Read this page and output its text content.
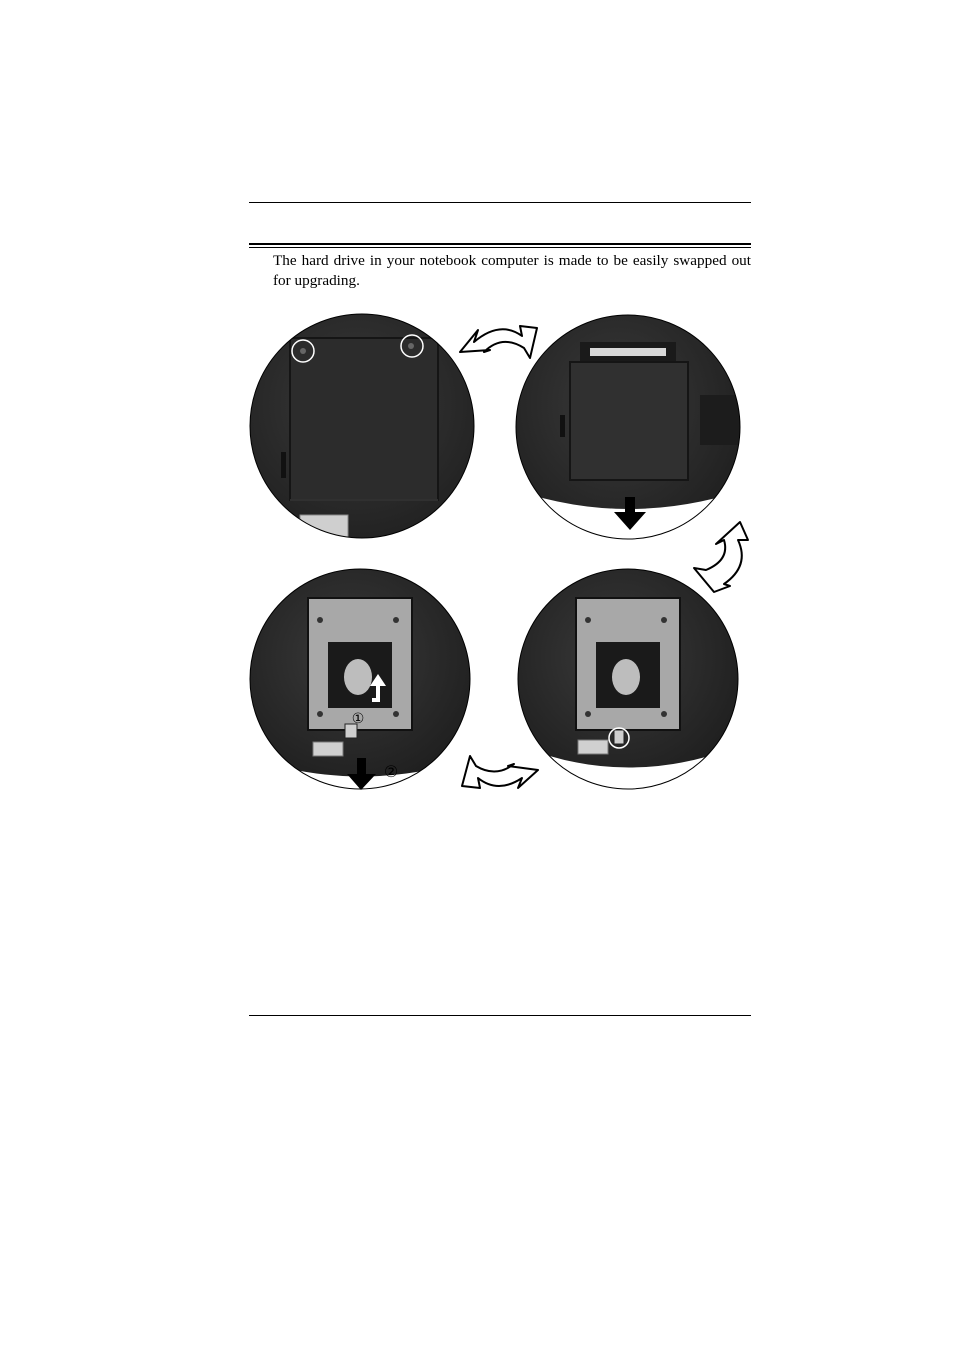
The hard drive in your notebook computer is made to be easily swapped out for upgrading.

①
②
